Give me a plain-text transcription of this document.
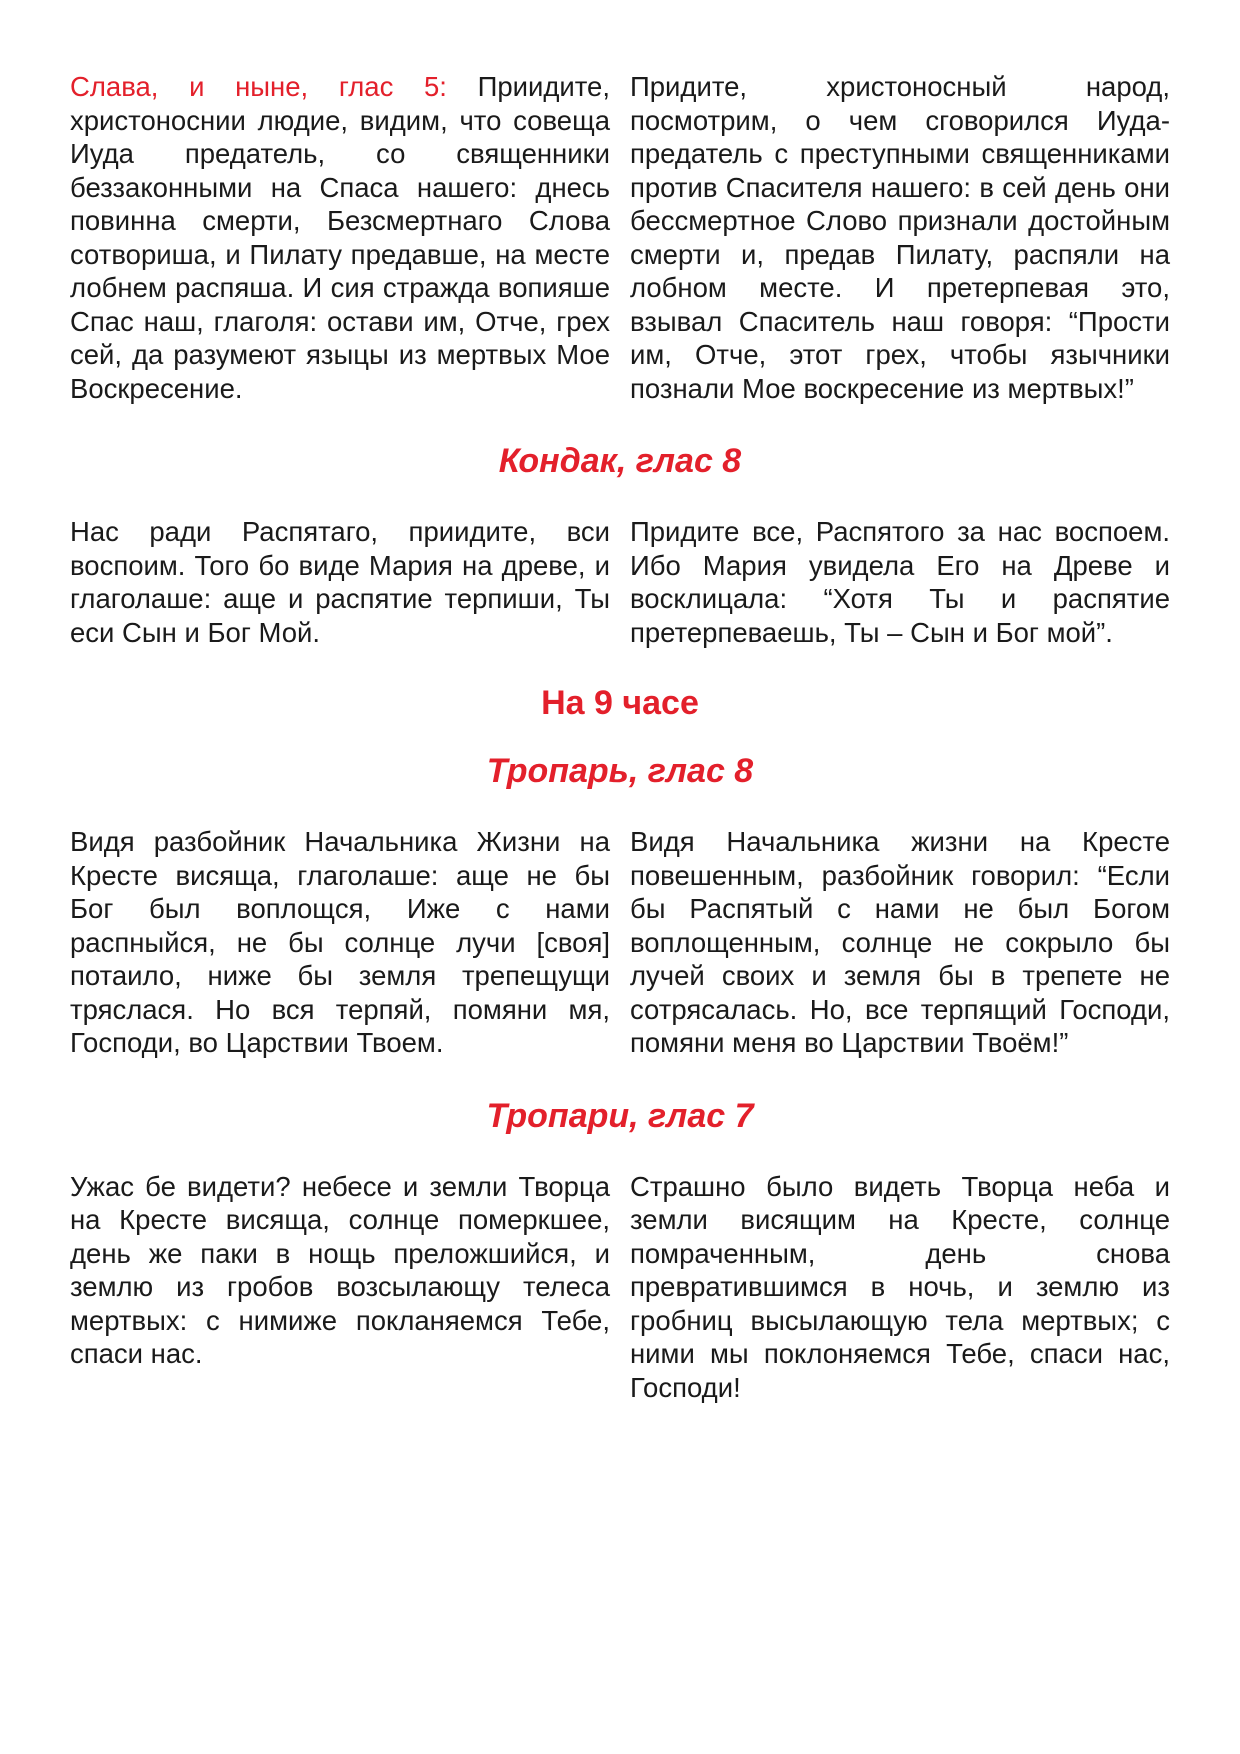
Слава, и ныне, глас 5: Приидите, христоноснии людие, видим, что совеща Иуда предатель, со священники беззаконными на Спаса нашего: днесь повинна смерти, Безсмертнаго Слова сотвориша, и Пилату предавше, на месте лобнем распяша. И сия стражда вопияше Спас наш, глаголя: остави им, Отче, грех сей, да разумеют языцы из мертвых Мое Воскресение.

Придите, христоносный народ, посмотрим, о чем сговорился Иуда-предатель с преступными священниками против Спасителя нашего: в сей день они бессмертное Слово признали достойным смерти и, предав Пилату, распяли на лобном месте. И претерпевая это, взывал Спаситель наш говоря: “Прости им, Отче, этот грех, чтобы язычники познали Мое воскресение из мертвых!”

Кондак, глас 8

Нас ради Распятаго, приидите, вси воспоим. Того бо виде Мария на древе, и глаголаше: аще и распятие терпиши, Ты еси Сын и Бог Мой.

Придите все, Распятого за нас воспоем. Ибо Мария увидела Его на Древе и восклицала: “Хотя Ты и распятие претерпеваешь, Ты – Сын и Бог мой”.

На 9 часе
Тропарь, глас 8

Видя разбойник Начальника Жизни на Кресте висяща, глаголаше: аще не бы Бог был воплощся, Иже с нами распныйся, не бы солнце лучи [своя] потаило, ниже бы земля трепещущи тряслася. Но вся терпяй, помяни мя, Господи, во Царствии Твоем.

Видя Начальника жизни на Кресте повешенным, разбойник говорил: “Если бы Распятый с нами не был Богом воплощенным, солнце не сокрыло бы лучей своих и земля бы в трепете не сотрясалась. Но, все терпящий Господи, помяни меня во Царствии Твоём!”

Тропари, глас 7

Ужас бе видети? небесе и земли Творца на Кресте висяща, солнце померкшее, день же паки в нощь преложшийся, и землю из гробов возсылающу телеса мертвых: с нимиже покланяемся Тебе, спаси нас.

Страшно было видеть Творца неба и земли висящим на Кресте, солнце помраченным, день снова превратившимся в ночь, и землю из гробниц высылающую тела мертвых; с ними мы поклоняемся Тебе, спаси нас, Господи!
